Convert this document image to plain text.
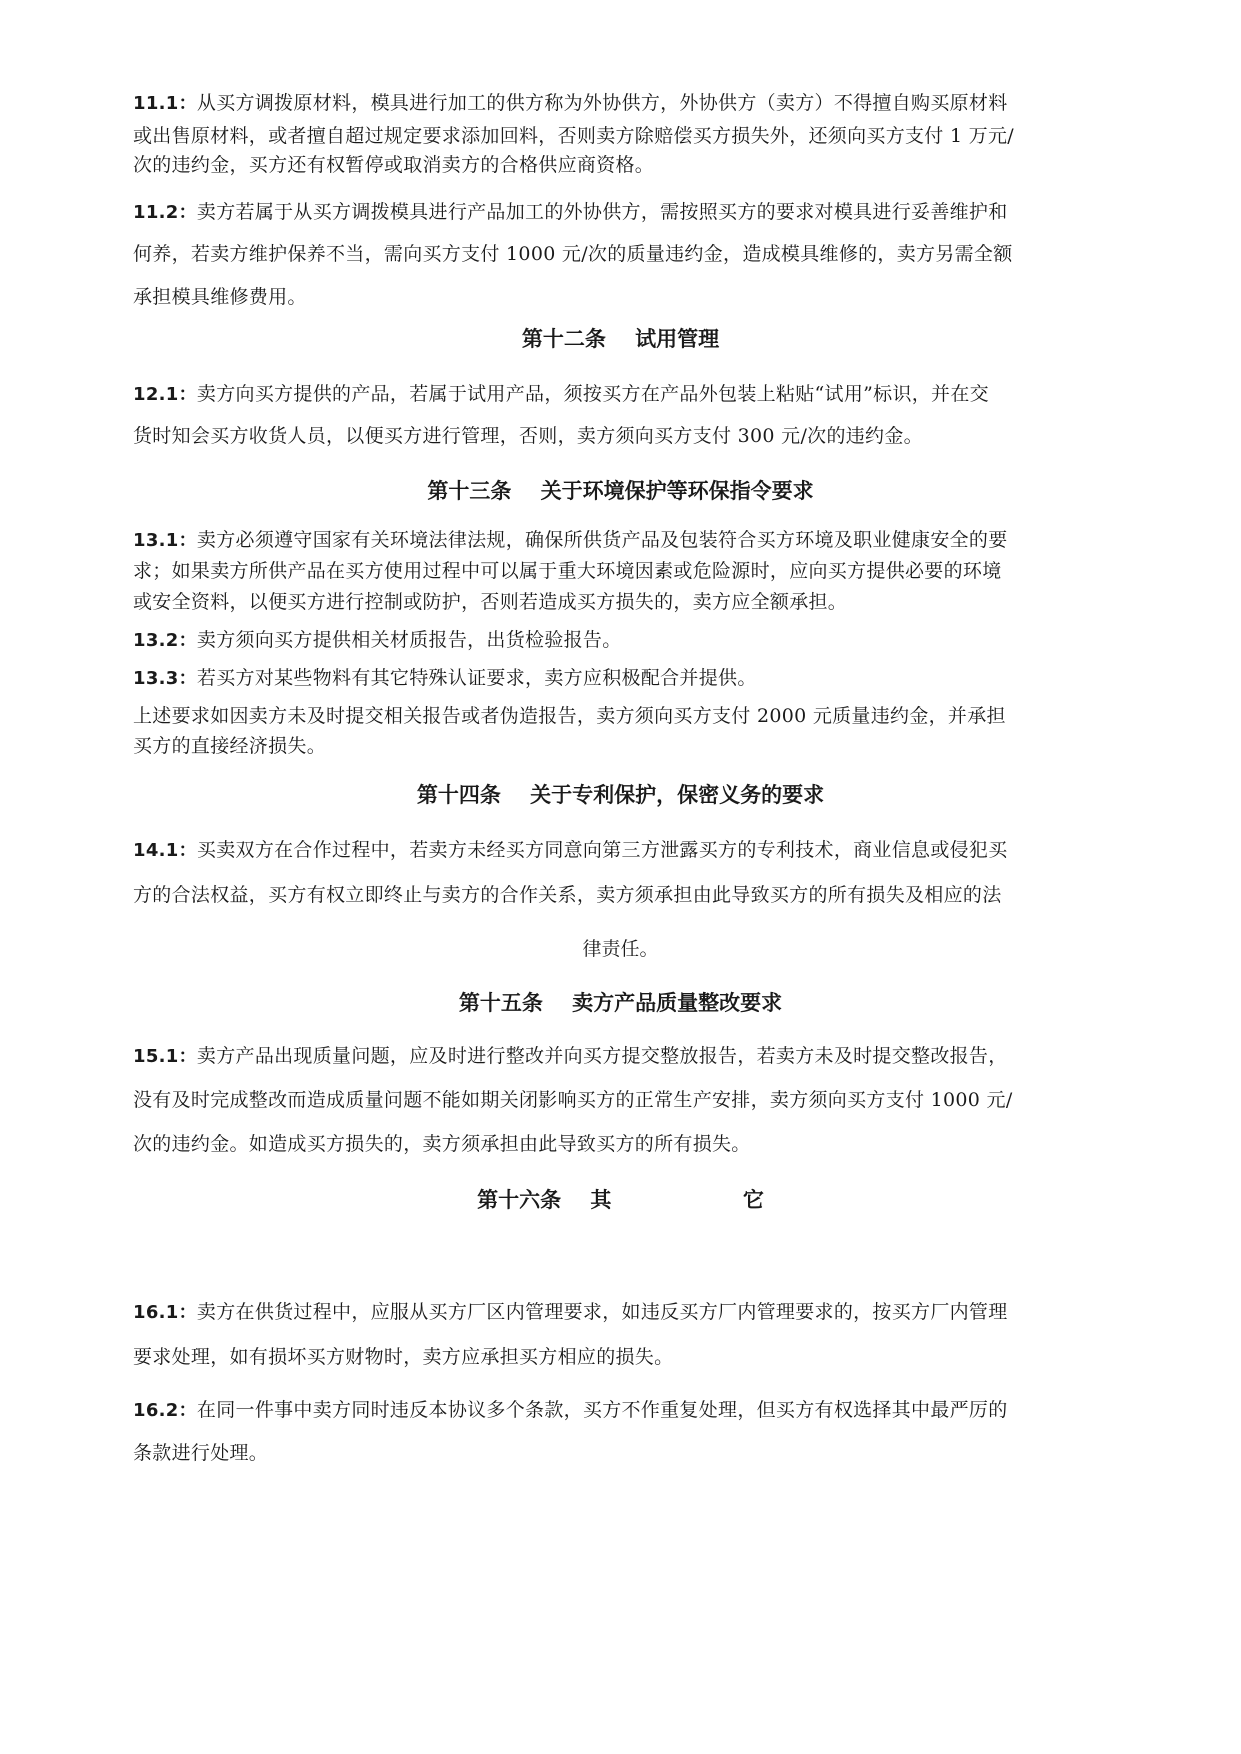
11.1：从买方调拨原材料，模具进行加工的供方称为外协供方，外协供方（卖方）不得擅自购买原材料
或出售原材料，或者擅自超过规定要求添加回料，否则卖方除赔偿买方损失外，还须向买方支付 1 万元/
次的违约金，买方还有权暂停或取消卖方的合格供应商资格。
11.2：卖方若属于从买方调拨模具进行产品加工的外协供方，需按照买方的要求对模具进行妥善维护和
何养，若卖方维护保养不当，需向买方支付 1000 元/次的质量违约金，造成模具维修的，卖方另需全额
承担模具维修费用。
第十二条    试用管理
12.1：卖方向买方提供的产品，若属于试用产品，须按买方在产品外包装上粘贴“试用”标识，并在交
货时知会买方收货人员，以便买方进行管理，否则，卖方须向买方支付 300 元/次的违约金。
第十三条    关于环境保护等环保指令要求
13.1：卖方必须遵守国家有关环境法律法规，确保所供货产品及包装符合买方环境及职业健康安全的要
求；如果卖方所供产品在买方使用过程中可以属于重大环境因素或危险源时，应向买方提供必要的环境
或安全资料，以便买方进行控制或防护，否则若造成买方损失的，卖方应全额承担。
13.2：卖方须向买方提供相关材质报告，出货检验报告。
13.3：若买方对某些物料有其它特殊认证要求，卖方应积极配合并提供。
上述要求如因卖方未及时提交相关报告或者伪造报告，卖方须向买方支付 2000 元质量违约金，并承担
买方的直接经济损失。
第十四条    关于专利保护，保密义务的要求
14.1：买卖双方在合作过程中，若卖方未经买方同意向第三方泄露买方的专利技术，商业信息或侵犯买
方的合法权益，买方有权立即终止与卖方的合作关系，卖方须承担由此导致买方的所有损失及相应的法
律责任。
第十五条    卖方产品质量整改要求
15.1：卖方产品出现质量问题，应及时进行整改并向买方提交整放报告，若卖方未及时提交整改报告，
没有及时完成整改而造成质量问题不能如期关闭影响买方的正常生产安排，卖方须向买方支付 1000 元/
次的违约金。如造成买方损失的，卖方须承担由此导致买方的所有损失。
第十六条    其                  它
16.1：卖方在供货过程中，应服从买方厂区内管理要求，如违反买方厂内管理要求的，按买方厂内管理
要求处理，如有损坏买方财物时，卖方应承担买方相应的损失。
16.2：在同一件事中卖方同时违反本协议多个条款，买方不作重复处理，但买方有权选择其中最严厉的
条款进行处理。
